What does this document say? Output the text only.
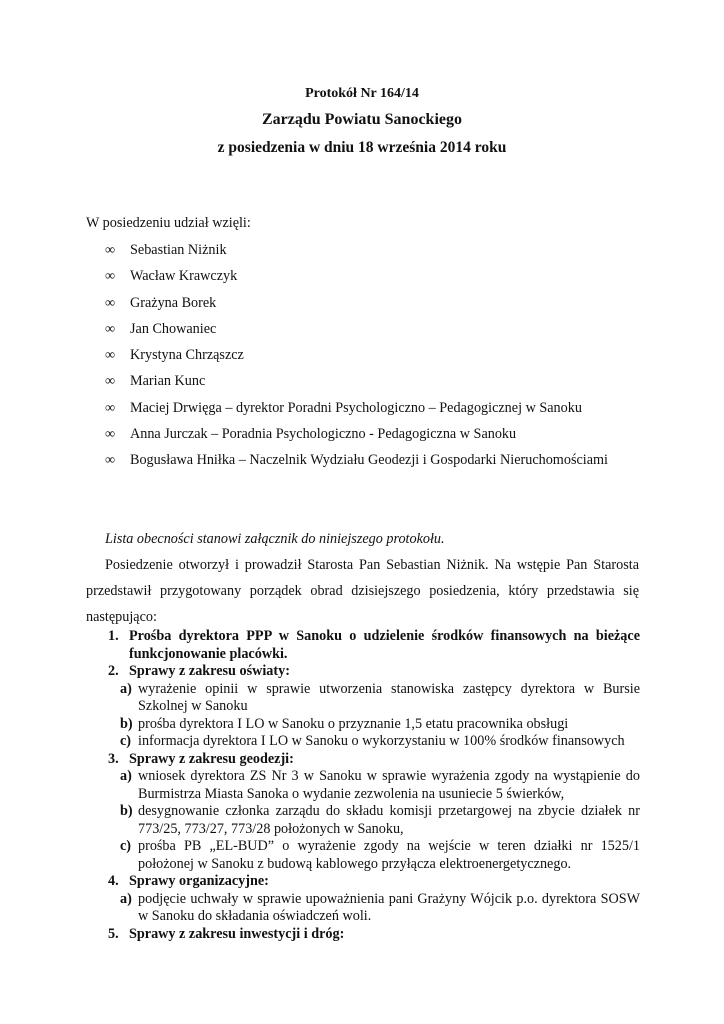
Protokół Nr 164/14
Zarządu Powiatu Sanockiego
z posiedzenia w dniu 18 września 2014 roku
W posiedzeniu udział wzięli:
∞ Sebastian Niżnik
∞ Wacław Krawczyk
∞ Grażyna Borek
∞ Jan Chowaniec
∞ Krystyna Chrząszcz
∞ Marian Kunc
∞ Maciej Drwięga – dyrektor Poradni Psychologiczno – Pedagogicznej w Sanoku
∞ Anna Jurczak – Poradnia Psychologiczno - Pedagogiczna w Sanoku
∞ Bogusława Hniłka – Naczelnik Wydziału Geodezji i Gospodarki Nieruchomościami
Lista obecności stanowi załącznik do niniejszego protokołu.
Posiedzenie otworzył i prowadził Starosta Pan Sebastian Niżnik. Na wstępie Pan Starosta przedstawił przygotowany porządek obrad dzisiejszego posiedzenia, który przedstawia się następująco:
1. Prośba dyrektora PPP w Sanoku o udzielenie środków finansowych na bieżące funkcjonowanie placówki.
2. Sprawy z zakresu oświaty:
a) wyrażenie opinii w sprawie utworzenia stanowiska zastępcy dyrektora w Bursie Szkolnej w Sanoku
b) prośba dyrektora I LO w Sanoku o przyznanie 1,5 etatu pracownika obsługi
c) informacja dyrektora I LO w Sanoku o wykorzystaniu w 100% środków finansowych
3. Sprawy z zakresu geodezji:
a) wniosek dyrektora ZS Nr 3 w Sanoku w sprawie wyrażenia zgody na wystąpienie do Burmistrza Miasta Sanoka o wydanie zezwolenia na usuniecie 5 świerków,
b) desygnowanie członka zarządu do składu komisji przetargowej na zbycie działek nr 773/25, 773/27, 773/28 położonych w Sanoku,
c) prośba PB „EL-BUD” o wyrażenie zgody na wejście w teren działki nr 1525/1 położonej w Sanoku z budową kablowego przyłącza elektroenergetycznego.
4. Sprawy organizacyjne:
a) podjęcie uchwały w sprawie upoważnienia pani Grażyny Wójcik p.o. dyrektora SOSW w Sanoku do składania oświadczeń woli.
5. Sprawy z zakresu inwestycji i dróg:
